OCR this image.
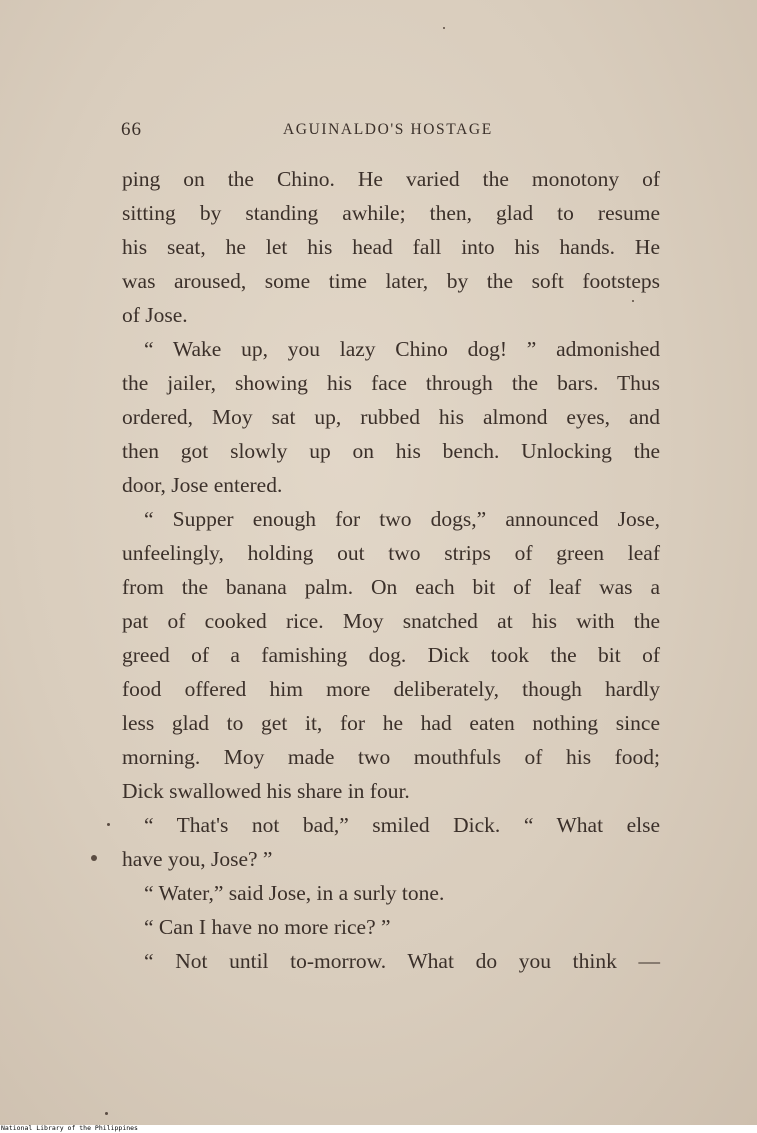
66	AGUINALDO'S HOSTAGE
ping on the Chino. He varied the monotony of
sitting by standing awhile; then, glad to resume
his seat, he let his head fall into his hands. He
was aroused, some time later, by the soft footsteps
of Jose.
“ Wake up, you lazy Chino dog! ” admonished
the jailer, showing his face through the bars. Thus
ordered, Moy sat up, rubbed his almond eyes, and
then got slowly up on his bench. Unlocking the
door, Jose entered.
“ Supper enough for two dogs,” announced Jose,
unfeelingly, holding out two strips of green leaf
from the banana palm. On each bit of leaf was a
pat of cooked rice. Moy snatched at his with the
greed of a famishing dog. Dick took the bit of
food offered him more deliberately, though hardly
less glad to get it, for he had eaten nothing since
morning. Moy made two mouthfuls of his food;
Dick swallowed his share in four.
“ That's not bad,” smiled Dick. “ What else
have you, Jose? ”
“ Water,” said Jose, in a surly tone.
“ Can I have no more rice? ”
“ Not until to-morrow. What do you think —
National Library of the Philippines
